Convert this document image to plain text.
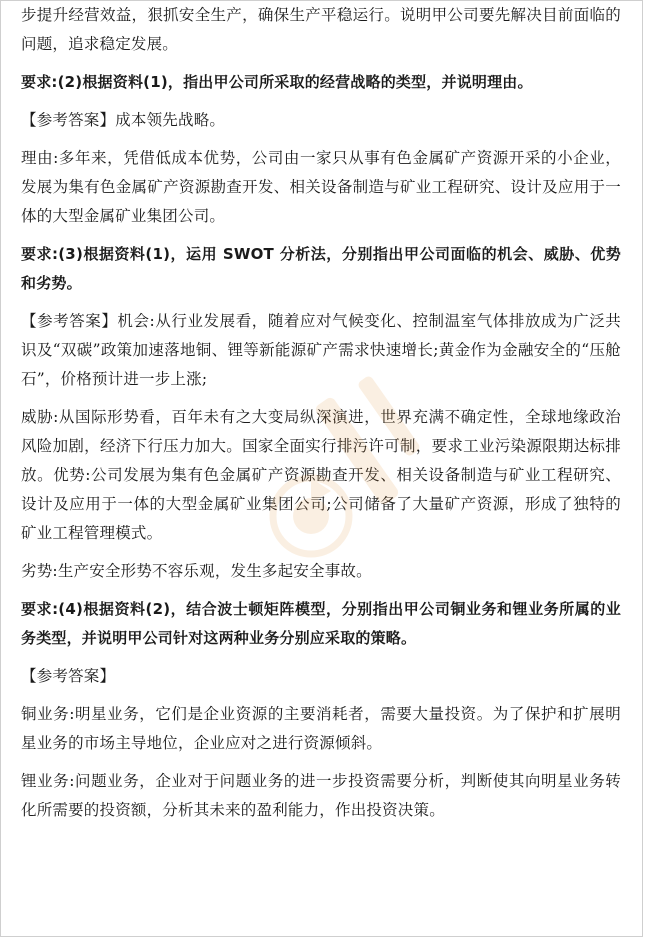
步提升经营效益，狠抓安全生产，确保生产平稳运行。说明甲公司要先解决目前面临的问题，追求稳定发展。

要求:(2)根据资料(1)，指出甲公司所采取的经营战略的类型，并说明理由。

【参考答案】成本领先战略。

理由:多年来，凭借低成本优势，公司由一家只从事有色金属矿产资源开采的小企业，发展为集有色金属矿产资源勘查开发、相关设备制造与矿业工程研究、设计及应用于一体的大型金属矿业集团公司。

要求:(3)根据资料(1)，运用 SWOT 分析法，分别指出甲公司面临的机会、威胁、优势和劣势。

【参考答案】机会:从行业发展看，随着应对气候变化、控制温室气体排放成为广泛共识及“双碳”政策加速落地铜、锂等新能源矿产需求快速增长;黄金作为金融安全的“压舱石”，价格预计进一步上涨;

威胁:从国际形势看，百年未有之大变局纵深演进，世界充满不确定性，全球地缘政治风险加剧，经济下行压力加大。国家全面实行排污许可制，要求工业污染源限期达标排放。优势:公司发展为集有色金属矿产资源勘查开发、相关设备制造与矿业工程研究、设计及应用于一体的大型金属矿业集团公司;公司储备了大量矿产资源，形成了独特的矿业工程管理模式。

劣势:生产安全形势不容乐观，发生多起安全事故。

要求:(4)根据资料(2)，结合波士顿矩阵模型，分别指出甲公司铜业务和锂业务所属的业务类型，并说明甲公司针对这两种业务分别应采取的策略。

【参考答案】

铜业务:明星业务，它们是企业资源的主要消耗者，需要大量投资。为了保护和扩展明星业务的市场主导地位，企业应对之进行资源倾斜。

锂业务:问题业务，企业对于问题业务的进一步投资需要分析，判断使其向明星业务转化所需要的投资额，分析其未来的盈利能力，作出投资决策。
